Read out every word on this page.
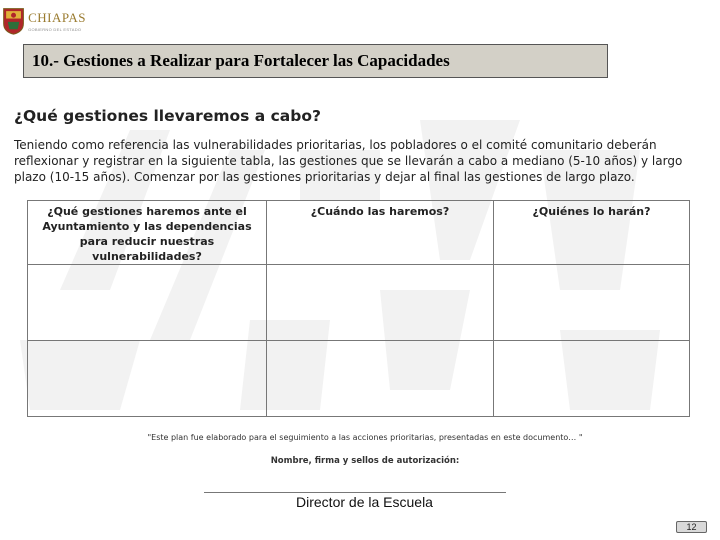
CHIAPAS
GOBIERNO DEL ESTADO
10.- Gestiones a Realizar para Fortalecer las Capacidades
¿Qué gestiones llevaremos a cabo?
Teniendo como referencia las vulnerabilidades prioritarias, los pobladores o el comité comunitario deberán
reflexionar y registrar en la siguiente tabla, las gestiones que se llevarán a cabo a mediano (5-10 años) y largo
plazo (10-15 años). Comenzar por las gestiones prioritarias y dejar al final las gestiones de largo plazo.
¿Qué gestiones haremos ante el Ayuntamiento y las dependencias para reducir nuestras vulnerabilidades?	¿Cuándo las haremos?	¿Quiénes lo harán?

"Este plan fue elaborado para el seguimiento a las acciones prioritarias, presentadas en este documento… "
Nombre, firma y sellos de autorización:
Director de la Escuela
12
